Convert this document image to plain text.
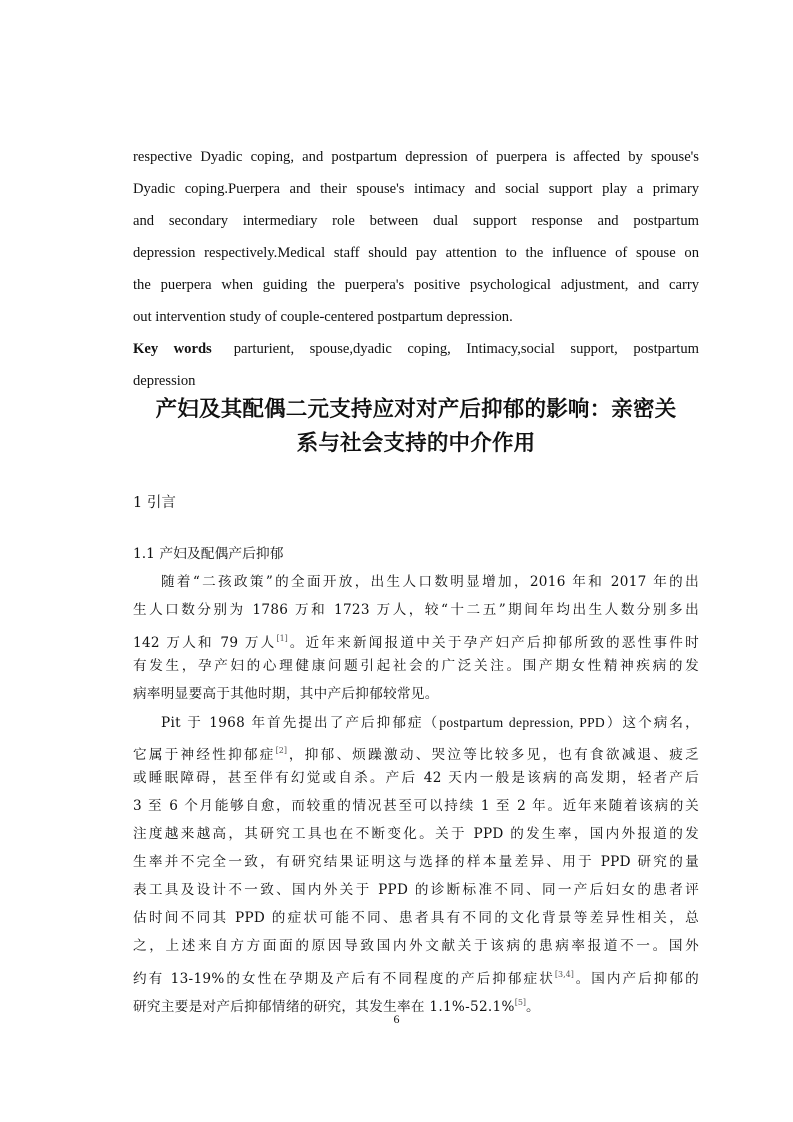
respective Dyadic coping, and postpartum depression of puerpera is affected by spouse's

Dyadic coping.Puerpera and their spouse's intimacy and social support play a primary

and secondary intermediary role between dual support response and postpartum

depression respectively.Medical staff should pay attention to the influence of spouse on

the puerpera when guiding the puerpera's positive psychological adjustment, and carry

out intervention study of couple-centered postpartum depression.

Key words parturient, spouse,dyadic coping, Intimacy,social support, postpartum

depression

产妇及其配偶二元支持应对对产后抑郁的影响：亲密关

系与社会支持的中介作用

1 引言

1.1 产妇及配偶产后抑郁

随着“二孩政策”的全面开放，出生人口数明显增加，2016 年和 2017 年的出

生人口数分别为 1786 万和 1723 万人，较“十二五”期间年均出生人数分别多出

142 万人和 79 万人[1]。近年来新闻报道中关于孕产妇产后抑郁所致的恶性事件时

有发生，孕产妇的心理健康问题引起社会的广泛关注。围产期女性精神疾病的发

病率明显要高于其他时期，其中产后抑郁较常见。

Pit 于 1968 年首先提出了产后抑郁症（postpartum depression, PPD）这个病名，

它属于神经性抑郁症[2]，抑郁、烦躁激动、哭泣等比较多见，也有食欲减退、疲乏

或睡眠障碍，甚至伴有幻觉或自杀。产后 42 天内一般是该病的高发期，轻者产后

3 至 6 个月能够自愈，而较重的情况甚至可以持续 1 至 2 年。近年来随着该病的关

注度越来越高，其研究工具也在不断变化。关于 PPD 的发生率，国内外报道的发

生率并不完全一致，有研究结果证明这与选择的样本量差异、用于 PPD 研究的量

表工具及设计不一致、国内外关于 PPD 的诊断标准不同、同一产后妇女的患者评

估时间不同其 PPD 的症状可能不同、患者具有不同的文化背景等差异性相关，总

之，上述来自方方面面的原因导致国内外文献关于该病的患病率报道不一。国外

约有 13-19%的女性在孕期及产后有不同程度的产后抑郁症状[3,4]。国内产后抑郁的

研究主要是对产后抑郁情绪的研究，其发生率在 1.1%-52.1%[5]。

6
